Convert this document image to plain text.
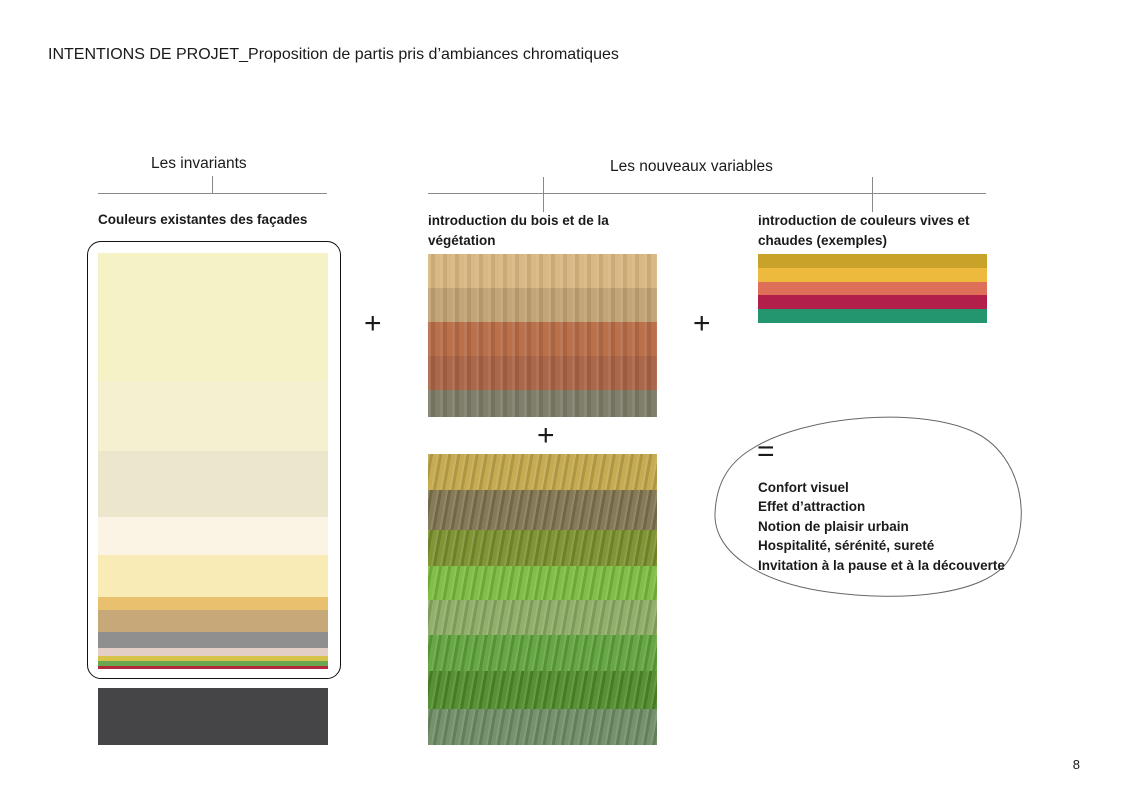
INTENTIONS DE PROJET_Proposition de partis pris d’ambiances chromatiques
Les invariants
Couleurs existantes des façades
Les nouveaux variables
introduction du bois et de la végétation
introduction de couleurs vives et chaudes (exemples)
+	+
+	=
Confort visuel
Effet d’attraction
Notion de plaisir urbain
Hospitalité, sérénité, sureté
Invitation à la pause et à la découverte
8
